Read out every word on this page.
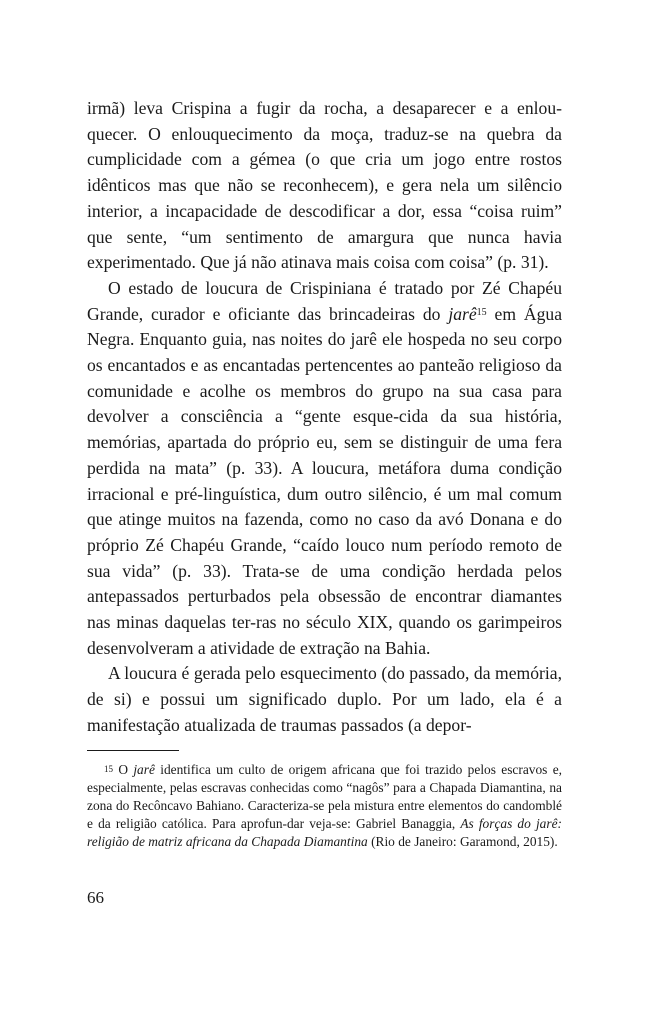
irmã) leva Crispina a fugir da rocha, a desaparecer e a enlou-quecer. O enlouquecimento da moça, traduz-se na quebra da cumplicidade com a gémea (o que cria um jogo entre rostos idênticos mas que não se reconhecem), e gera nela um silêncio interior, a incapacidade de descodificar a dor, essa “coisa ruim” que sente, “um sentimento de amargura que nunca havia experimentado. Que já não atinava mais coisa com coisa” (p. 31).

O estado de loucura de Crispiniana é tratado por Zé Chapéu Grande, curador e oficiante das brincadeiras do jarê$^{15}$ em Água Negra. Enquanto guia, nas noites do jarê ele hospeda no seu corpo os encantados e as encantadas pertencentes ao panteão religioso da comunidade e acolhe os membros do grupo na sua casa para devolver a consciência a “gente esque-cida da sua história, memórias, apartada do próprio eu, sem se distinguir de uma fera perdida na mata” (p. 33). A loucura, metáfora duma condição irracional e pré-linguística, dum outro silêncio, é um mal comum que atinge muitos na fazenda, como no caso da avó Donana e do próprio Zé Chapéu Grande, “caído louco num período remoto de sua vida” (p. 33). Trata-se de uma condição herdada pelos antepassados perturbados pela obsessão de encontrar diamantes nas minas daquelas ter-ras no século XIX, quando os garimpeiros desenvolveram a atividade de extração na Bahia.

A loucura é gerada pelo esquecimento (do passado, da memória, de si) e possui um significado duplo. Por um lado, ela é a manifestação atualizada de traumas passados (a depor-

$^{15}$ O jarê identifica um culto de origem africana que foi trazido pelos escravos e, especialmente, pelas escravas conhecidas como “nagôs” para a Chapada Diamantina, na zona do Recôncavo Bahiano. Caracteriza-se pela mistura entre elementos do candomblé e da religião católica. Para aprofun-dar veja-se: Gabriel Banaggia, As forças do jarê: religião de matriz africana da Chapada Diamantina (Rio de Janeiro: Garamond, 2015).
66
